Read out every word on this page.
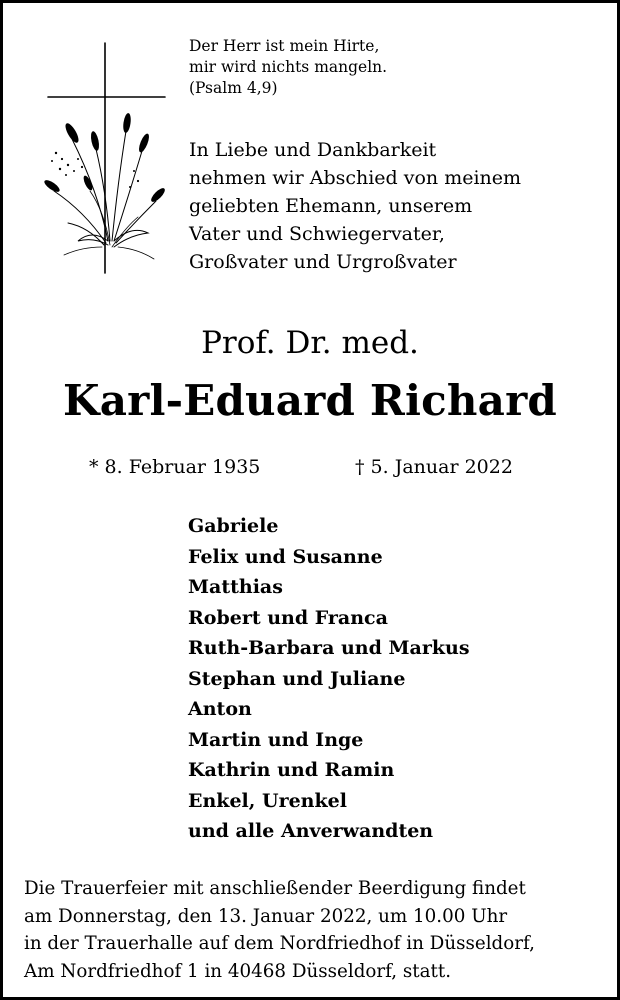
Der Herr ist mein Hirte,
mir wird nichts mangeln.
(Psalm 4,9)
In Liebe und Dankbarkeit
nehmen wir Abschied von meinem
geliebten Ehemann, unserem
Vater und Schwiegervater,
Großvater und Urgroßvater
Prof. Dr. med.
Karl-Eduard Richard
* 8. Februar 1935	† 5. Januar 2022
Gabriele
Felix und Susanne
Matthias
Robert und Franca
Ruth-Barbara und Markus
Stephan und Juliane
Anton
Martin und Inge
Kathrin und Ramin
Enkel, Urenkel
und alle Anverwandten
Die Trauerfeier mit anschließender Beerdigung findet
am Donnerstag, den 13. Januar 2022, um 10.00 Uhr
in der Trauerhalle auf dem Nordfriedhof in Düsseldorf,
Am Nordfriedhof 1 in 40468 Düsseldorf, statt.
